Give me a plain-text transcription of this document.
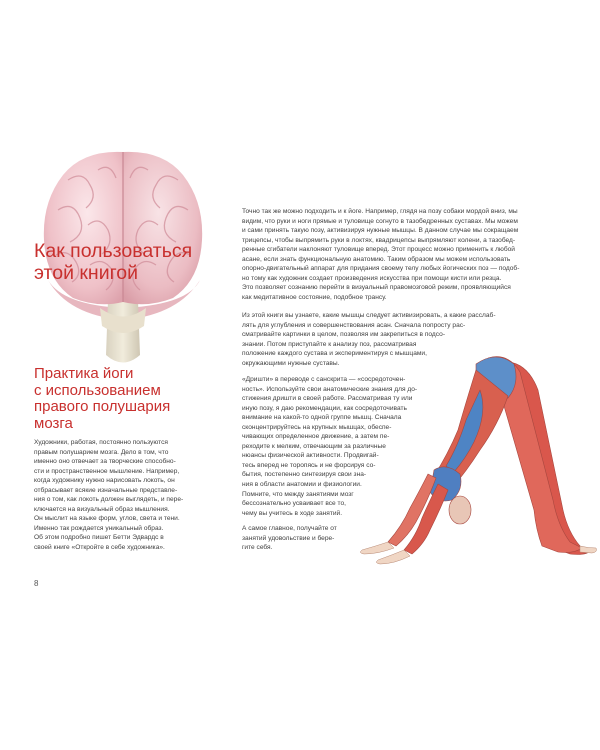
Как пользоваться
этой книгой
Практика йоги
с использованием
правого полушария
мозга
Художники, работая, постоянно пользуются
правым полушарием мозга. Дело в том, что
именно оно отвечает за творческие способно-
сти и пространственное мышление. Например,
когда художнику нужно нарисовать локоть, он
отбрасывает всякие изначальные представле-
ния о том, как локоть должен выглядеть, и пере-
ключается на визуальный образ мышления.
Он мыслит на языке форм, углов, света и тени.
Именно так рождается уникальный образ.
Об этом подробно пишет Бетти Эдвардс в
своей книге «Откройте в себе художника».
Точно так же можно подходить и к йоге. Например, глядя на позу собаки мордой вниз, мы
видим, что руки и ноги прямые и туловище согнуто в тазобедренных суставах. Мы можем
и сами принять такую позу, активизируя нужные мышцы. В данном случае мы сокращаем
трицепсы, чтобы выпрямить руки в локтях, квадрицепсы выпрямляют колени, а тазобед-
ренные сгибатели наклоняют туловище вперед. Этот процесс можно применить к любой
асане, если знать функциональную анатомию. Таким образом мы можем использовать
опорно-двигательный аппарат для придания своему телу любых йогических поз — подоб-
но тому как художник создает произведения искусства при помощи кисти или резца.
Это позволяет сознанию перейти в визуальный правомозговой режим, проявляющийся
как медитативное состояние, подобное трансу.
Из этой книги вы узнаете, какие мышцы следует активизировать, а какие расслаб-
лять для углубления и совершенствования асан. Сначала попросту рас-
сматривайте картинки в целом, позволяя им закрепиться в подсо-
знании. Потом приступайте к анализу поз, рассматривая
положение каждого сустава и экспериментируя с мышцами,
окружающими нужные суставы.
«Дришти» в переводе с санскрита — «сосредоточен-
ность». Используйте свои анатомические знания для до-
стижения дришти в своей работе. Рассматривая ту или
иную позу, я даю рекомендации, как сосредоточивать
внимание на какой-то одной группе мышц. Сначала
сконцентрируйтесь на крупных мышцах, обеспе-
чивающих определенное движение, а затем пе-
реходите к мелким, отвечающим за различные
нюансы физической активности. Продвигай-
тесь вперед не торопясь и не форсируя со-
бытия, постепенно синтезируя свои зна-
ния в области анатомии и физиологии.
Помните, что между занятиями мозг
бессознательно усваивает все то,
чему вы учитесь в ходе занятий.
А самое главное, получайте от
занятий удовольствие и бере-
гите себя.
8
